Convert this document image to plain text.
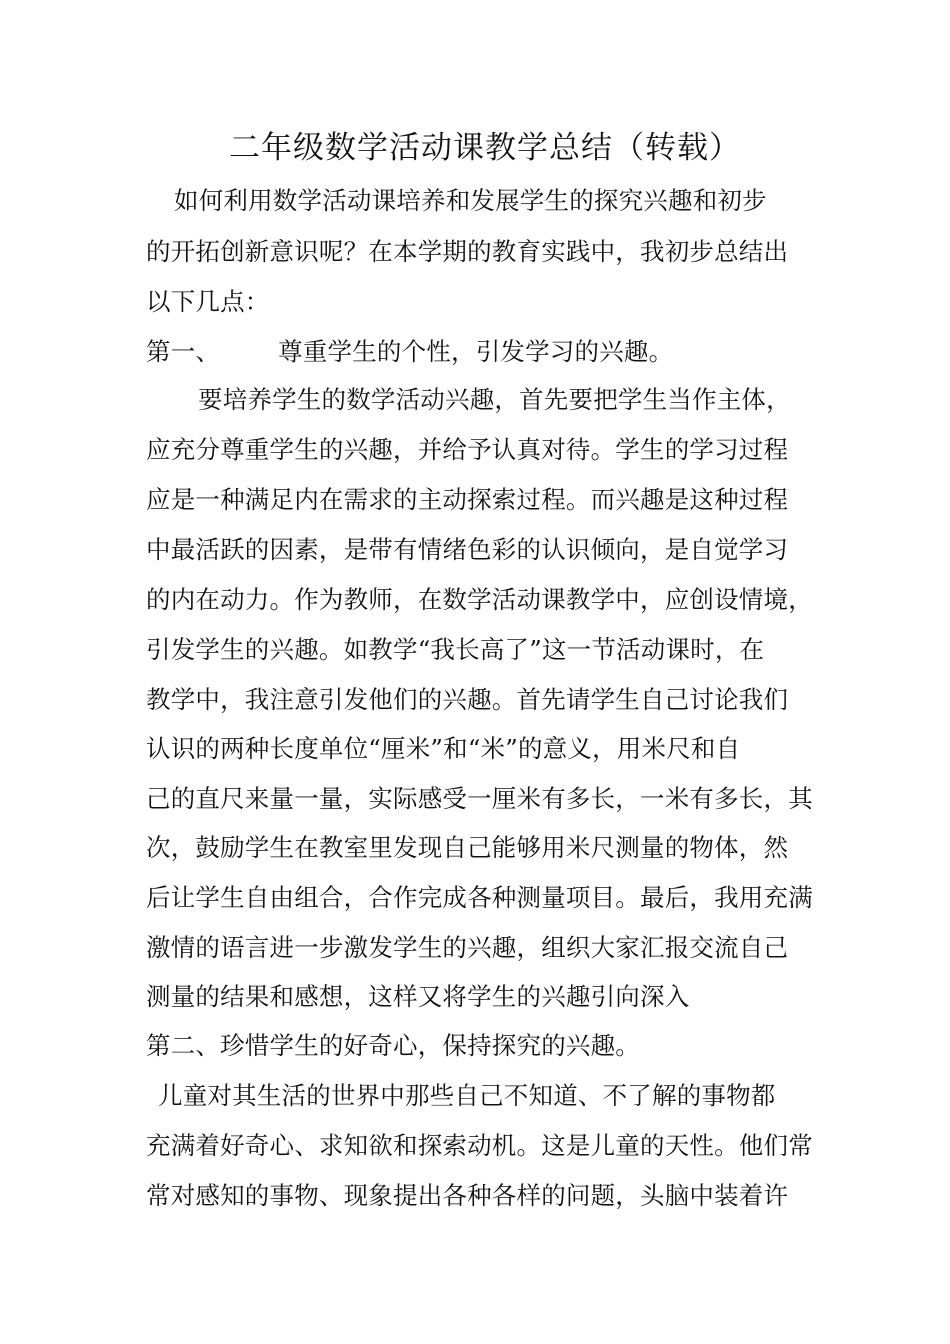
二年级数学活动课教学总结（转载）
如何利用数学活动课培养和发展学生的探究兴趣和初步
的开拓创新意识呢？在本学期的教育实践中，我初步总结出
以下几点：
第一、 尊重学生的个性，引发学习的兴趣。
要培养学生的数学活动兴趣，首先要把学生当作主体，
应充分尊重学生的兴趣，并给予认真对待。学生的学习过程
应是一种满足内在需求的主动探索过程。而兴趣是这种过程
中最活跃的因素，是带有情绪色彩的认识倾向，是自觉学习
的内在动力。作为教师，在数学活动课教学中，应创设情境，
引发学生的兴趣。如教学“我长高了”这一节活动课时，在
教学中，我注意引发他们的兴趣。首先请学生自己讨论我们
认识的两种长度单位“厘米”和“米”的意义，用米尺和自
己的直尺来量一量，实际感受一厘米有多长，一米有多长，其
次，鼓励学生在教室里发现自己能够用米尺测量的物体，然
后让学生自由组合，合作完成各种测量项目。最后，我用充满
激情的语言进一步激发学生的兴趣，组织大家汇报交流自己
测量的结果和感想，这样又将学生的兴趣引向深入
第二、珍惜学生的好奇心，保持探究的兴趣。
儿童对其生活的世界中那些自己不知道、不了解的事物都
充满着好奇心、求知欲和探索动机。这是儿童的天性。他们常
常对感知的事物、现象提出各种各样的问题，头脑中装着许
